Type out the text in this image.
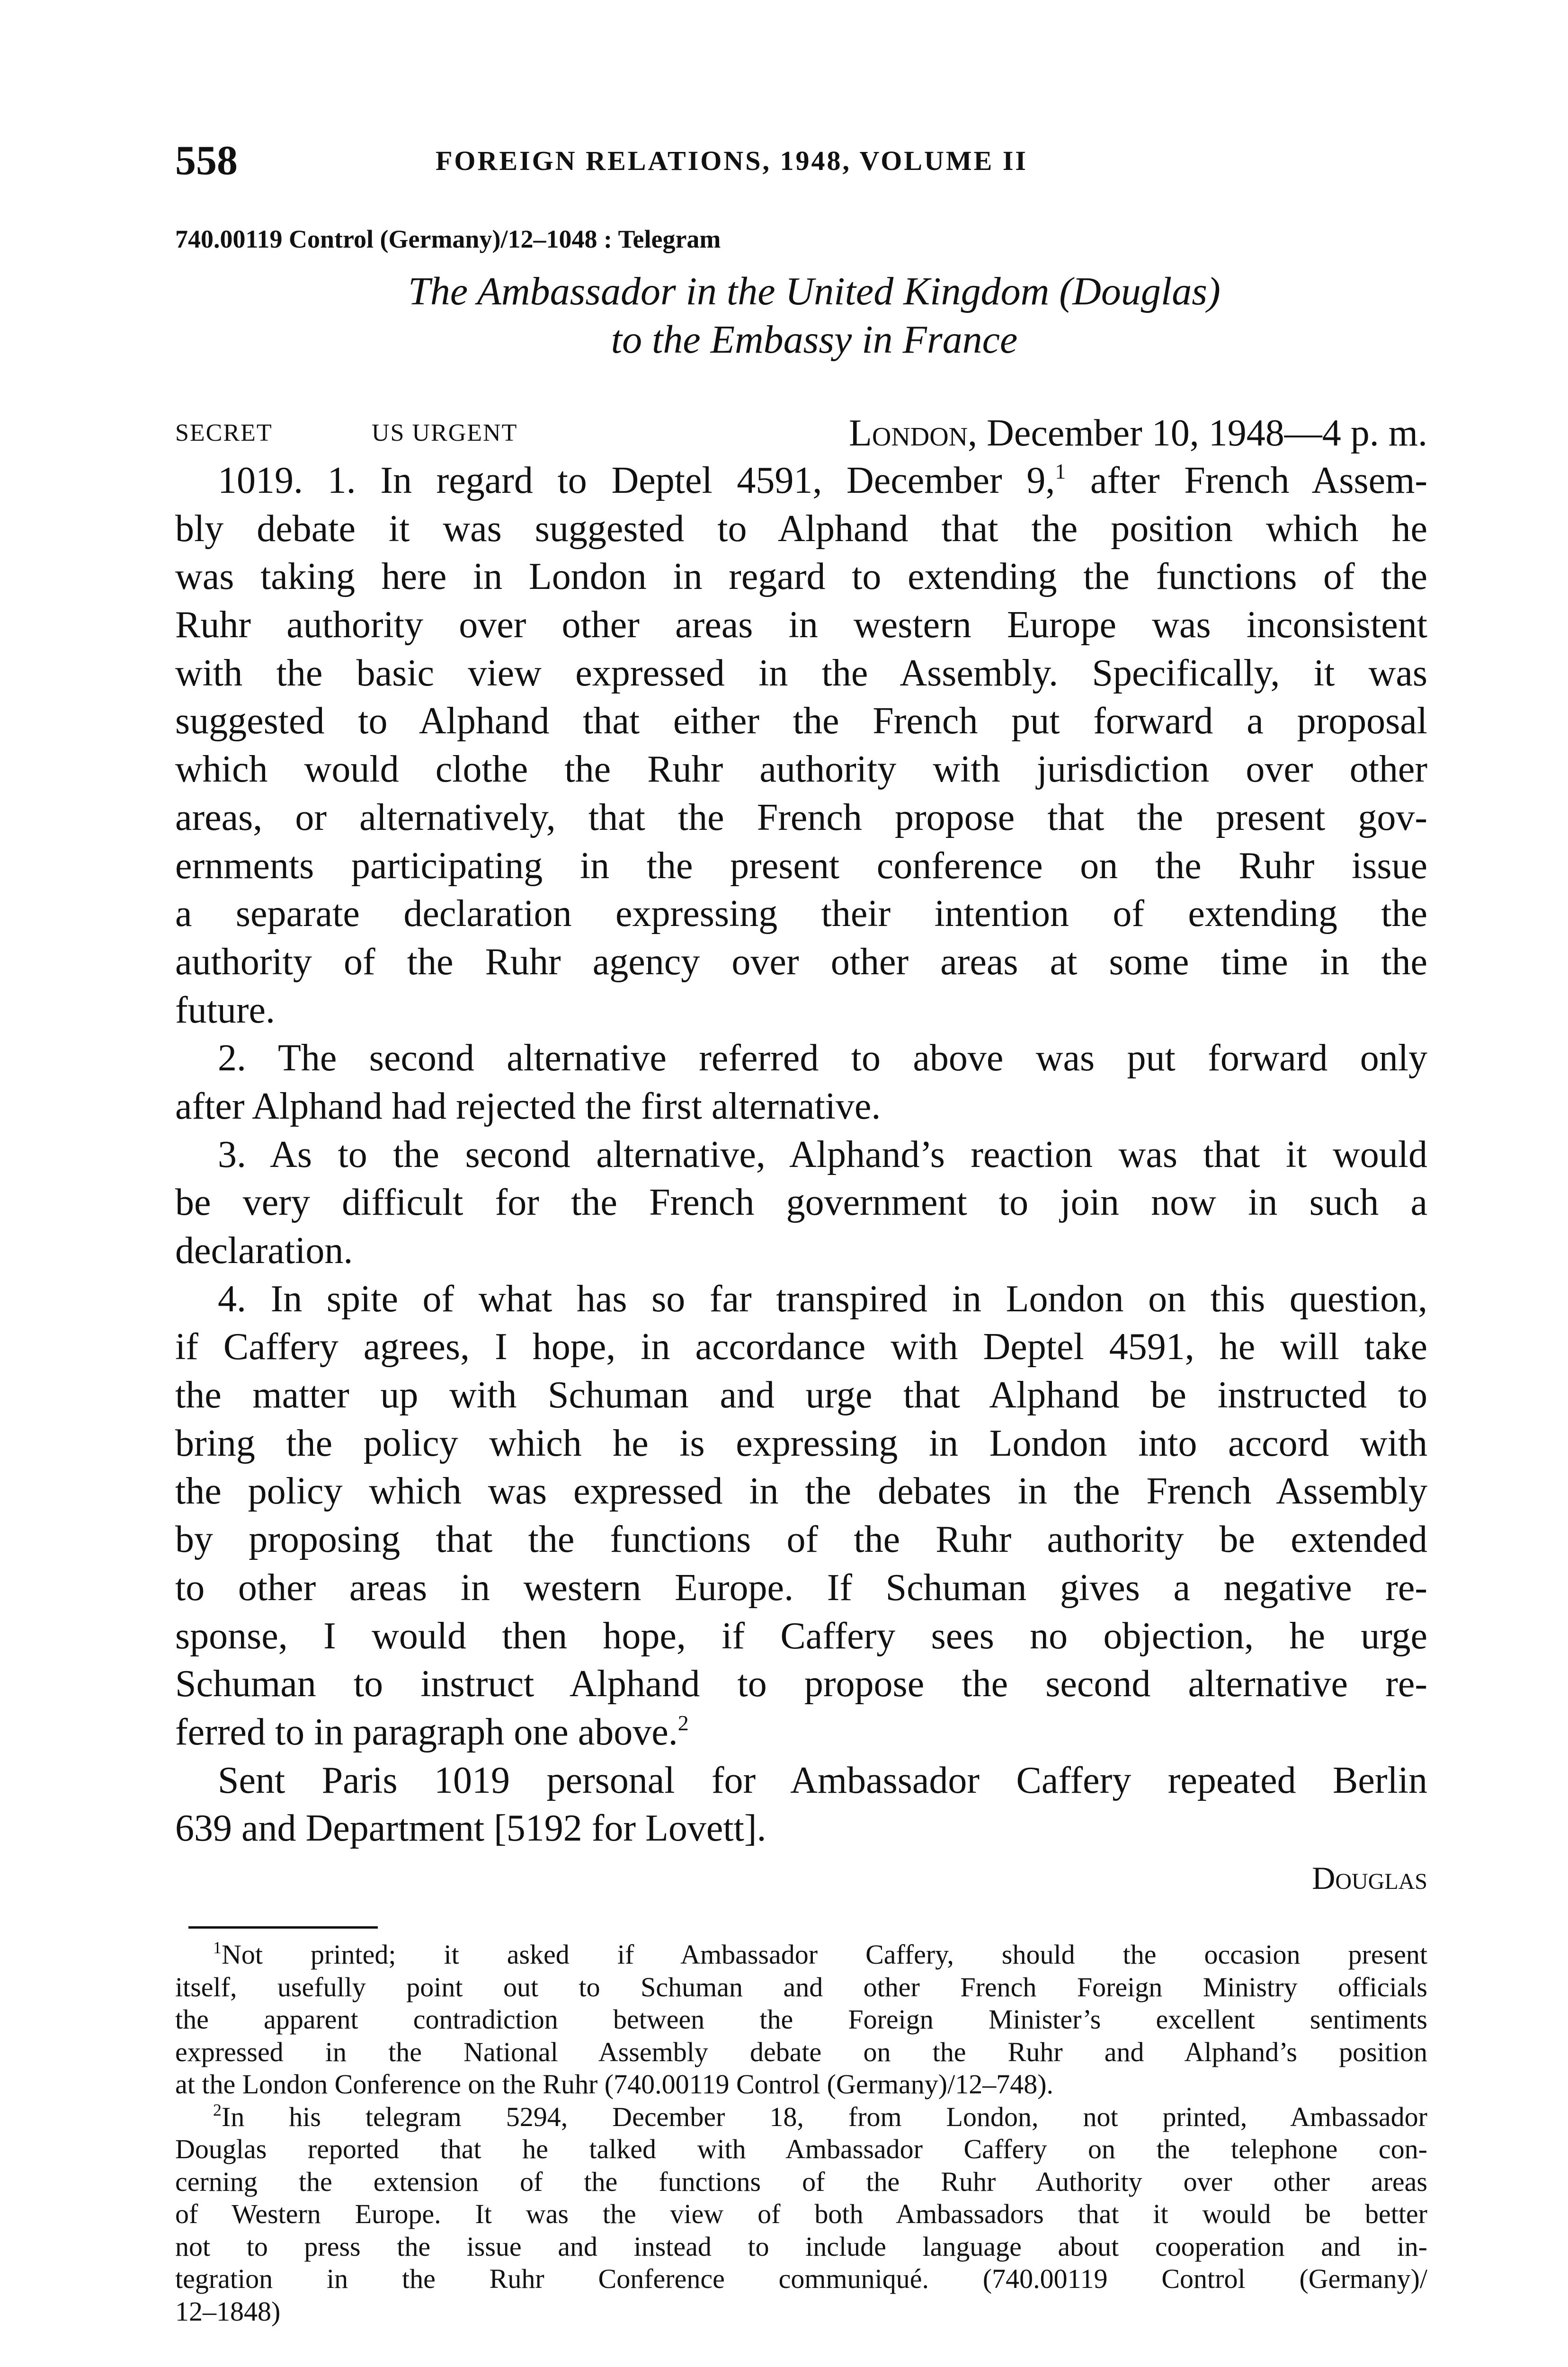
558	FOREIGN RELATIONS, 1948, VOLUME II
740.00119 Control (Germany)/12–1048 : Telegram
The Ambassador in the United Kingdom (Douglas)
to the Embassy in France
SECRET	US URGENT	London, December 10, 1948—4 p. m.
1019. 1. In regard to Deptel 4591, December 9,$^1$ after French Assem-
bly debate it was suggested to Alphand that the position which he
was taking here in London in regard to extending the functions of the
Ruhr authority over other areas in western Europe was inconsistent
with the basic view expressed in the Assembly. Specifically, it was
suggested to Alphand that either the French put forward a proposal
which would clothe the Ruhr authority with jurisdiction over other
areas, or alternatively, that the French propose that the present gov-
ernments participating in the present conference on the Ruhr issue
a separate declaration expressing their intention of extending the
authority of the Ruhr agency over other areas at some time in the
future.
2. The second alternative referred to above was put forward only
after Alphand had rejected the first alternative.
3. As to the second alternative, Alphand’s reaction was that it would
be very difficult for the French government to join now in such a
declaration.
4. In spite of what has so far transpired in London on this question,
if Caffery agrees, I hope, in accordance with Deptel 4591, he will take
the matter up with Schuman and urge that Alphand be instructed to
bring the policy which he is expressing in London into accord with
the policy which was expressed in the debates in the French Assembly
by proposing that the functions of the Ruhr authority be extended
to other areas in western Europe. If Schuman gives a negative re-
sponse, I would then hope, if Caffery sees no objection, he urge
Schuman to instruct Alphand to propose the second alternative re-
ferred to in paragraph one above.$^2$
Sent Paris 1019 personal for Ambassador Caffery repeated Berlin
639 and Department [5192 for Lovett].
Douglas
$^1$Not printed; it asked if Ambassador Caffery, should the occasion present
itself, usefully point out to Schuman and other French Foreign Ministry officials
the apparent contradiction between the Foreign Minister’s excellent sentiments
expressed in the National Assembly debate on the Ruhr and Alphand’s position
at the London Conference on the Ruhr (740.00119 Control (Germany)/12–748).
$^2$In his telegram 5294, December 18, from London, not printed, Ambassador
Douglas reported that he talked with Ambassador Caffery on the telephone con-
cerning the extension of the functions of the Ruhr Authority over other areas
of Western Europe. It was the view of both Ambassadors that it would be better
not to press the issue and instead to include language about cooperation and in-
tegration in the Ruhr Conference communiqué. (740.00119 Control (Germany)/
12–1848)
